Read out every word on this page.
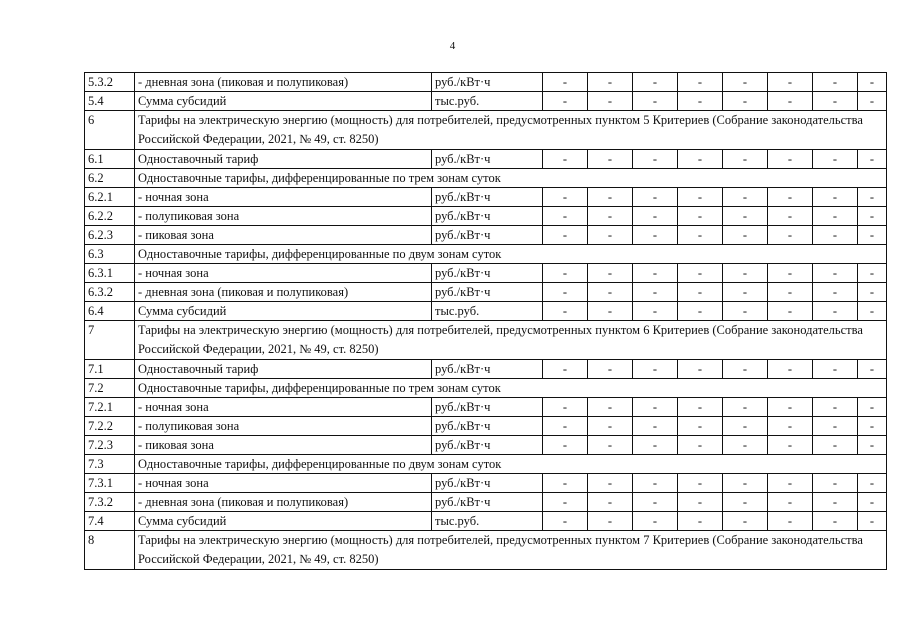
4
5.3.2	- дневная зона (пиковая и полупиковая)	руб./кВт·ч	-	-	-	-	-	-	-	-
5.4	Сумма субсидий	тыс.руб.	-	-	-	-	-	-	-	-
6	Тарифы на электрическую энергию (мощность) для потребителей, предусмотренных пунктом 5 Критериев (Собрание законодательства Российской Федерации, 2021, № 49, ст. 8250)									
6.1	Одноставочный тариф	руб./кВт·ч	-	-	-	-	-	-	-	-
6.2	Одноставочные тарифы, дифференцированные по трем зонам суток									
6.2.1	- ночная зона	руб./кВт·ч	-	-	-	-	-	-	-	-
6.2.2	- полупиковая зона	руб./кВт·ч	-	-	-	-	-	-	-	-
6.2.3	- пиковая зона	руб./кВт·ч	-	-	-	-	-	-	-	-
6.3	Одноставочные тарифы, дифференцированные по двум зонам суток									
6.3.1	- ночная зона	руб./кВт·ч	-	-	-	-	-	-	-	-
6.3.2	- дневная зона (пиковая и полупиковая)	руб./кВт·ч	-	-	-	-	-	-	-	-
6.4	Сумма субсидий	тыс.руб.	-	-	-	-	-	-	-	-
7	Тарифы на электрическую энергию (мощность) для потребителей, предусмотренных пунктом 6 Критериев (Собрание законодательства Российской Федерации, 2021, № 49, ст. 8250)									
7.1	Одноставочный тариф	руб./кВт·ч	-	-	-	-	-	-	-	-
7.2	Одноставочные тарифы, дифференцированные по трем зонам суток									
7.2.1	- ночная зона	руб./кВт·ч	-	-	-	-	-	-	-	-
7.2.2	- полупиковая зона	руб./кВт·ч	-	-	-	-	-	-	-	-
7.2.3	- пиковая зона	руб./кВт·ч	-	-	-	-	-	-	-	-
7.3	Одноставочные тарифы, дифференцированные по двум зонам суток									
7.3.1	- ночная зона	руб./кВт·ч	-	-	-	-	-	-	-	-
7.3.2	- дневная зона (пиковая и полупиковая)	руб./кВт·ч	-	-	-	-	-	-	-	-
7.4	Сумма субсидий	тыс.руб.	-	-	-	-	-	-	-	-
8	Тарифы на электрическую энергию (мощность) для потребителей, предусмотренных пунктом 7 Критериев (Собрание законодательства Российской Федерации, 2021, № 49, ст. 8250)									
